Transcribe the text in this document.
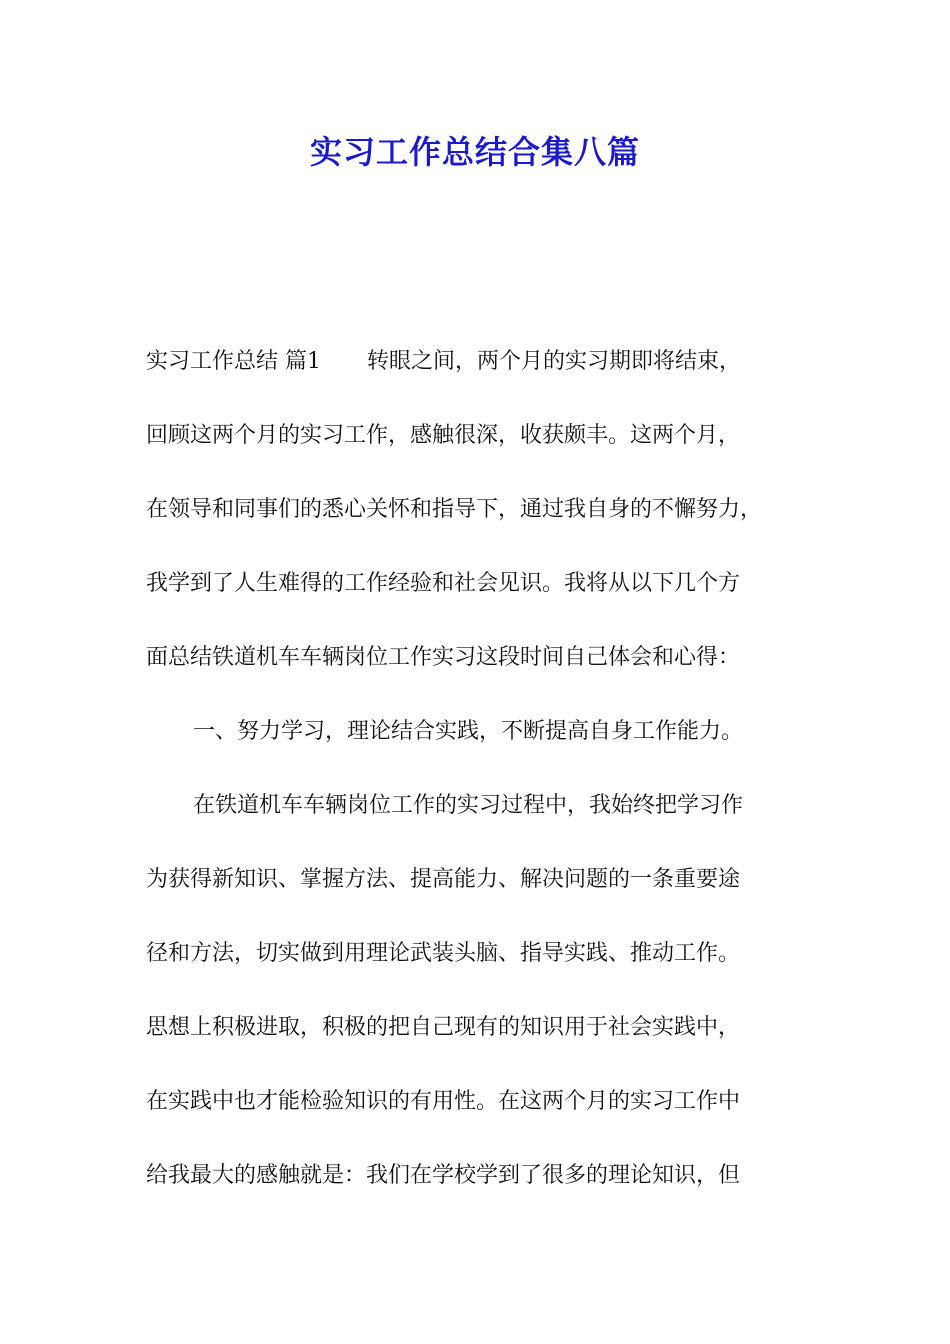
实习工作总结合集八篇
实习工作总结 篇1 转眼之间，两个月的实习期即将结束，
回顾这两个月的实习工作，感触很深，收获颇丰。这两个月，
在领导和同事们的悉心关怀和指导下，通过我自身的不懈努力，
我学到了人生难得的工作经验和社会见识。我将从以下几个方
面总结铁道机车车辆岗位工作实习这段时间自己体会和心得：
一、努力学习，理论结合实践，不断提高自身工作能力。
在铁道机车车辆岗位工作的实习过程中，我始终把学习作
为获得新知识、掌握方法、提高能力、解决问题的一条重要途
径和方法，切实做到用理论武装头脑、指导实践、推动工作。
思想上积极进取，积极的把自己现有的知识用于社会实践中，
在实践中也才能检验知识的有用性。在这两个月的实习工作中
给我最大的感触就是：我们在学校学到了很多的理论知识，但
